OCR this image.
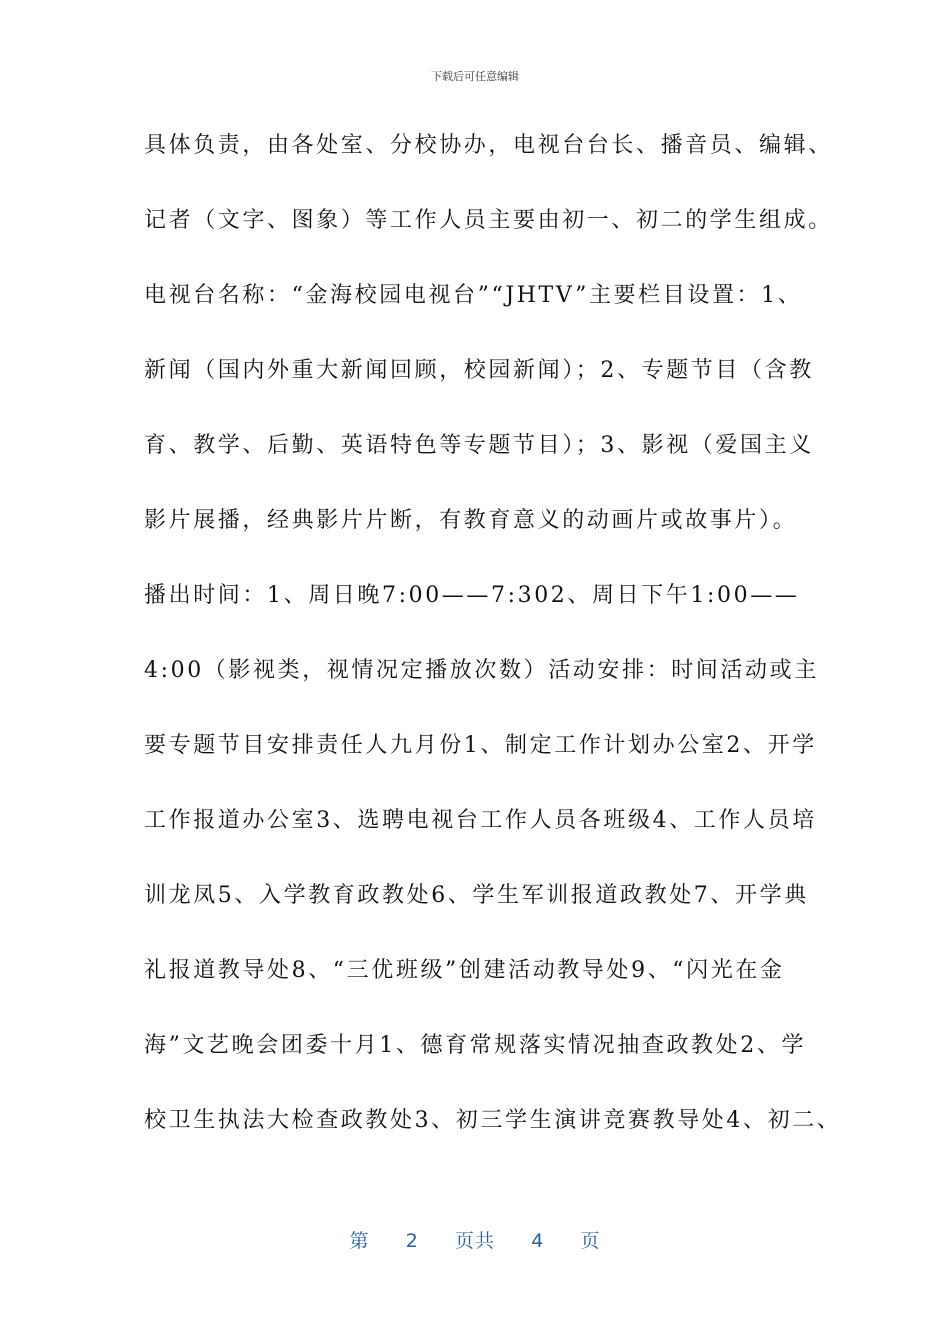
下载后可任意编辑
具体负责，由各处室、分校协办，电视台台长、播音员、编辑、
记者（文字、图象）等工作人员主要由初一、初二的学生组成。
电视台名称：“金海校园电视台”“JHTV”主要栏目设置：1、
新闻（国内外重大新闻回顾，校园新闻）；2、专题节目（含教
育、教学、后勤、英语特色等专题节目）；3、影视（爱国主义
影片展播，经典影片片断，有教育意义的动画片或故事片）。
播出时间：1、周日晚7:00——7:302、周日下午1:00——
4:00（影视类，视情况定播放次数）活动安排：时间活动或主
要专题节目安排责任人九月份1、制定工作计划办公室2、开学
工作报道办公室3、选聘电视台工作人员各班级4、工作人员培
训龙凤5、入学教育政教处6、学生军训报道政教处7、开学典
礼报道教导处8、“三优班级”创建活动教导处9、“闪光在金
海”文艺晚会团委十月1、德育常规落实情况抽查政教处2、学
校卫生执法大检查政教处3、初三学生演讲竞赛教导处4、初二、
第 2 页共 4 页
